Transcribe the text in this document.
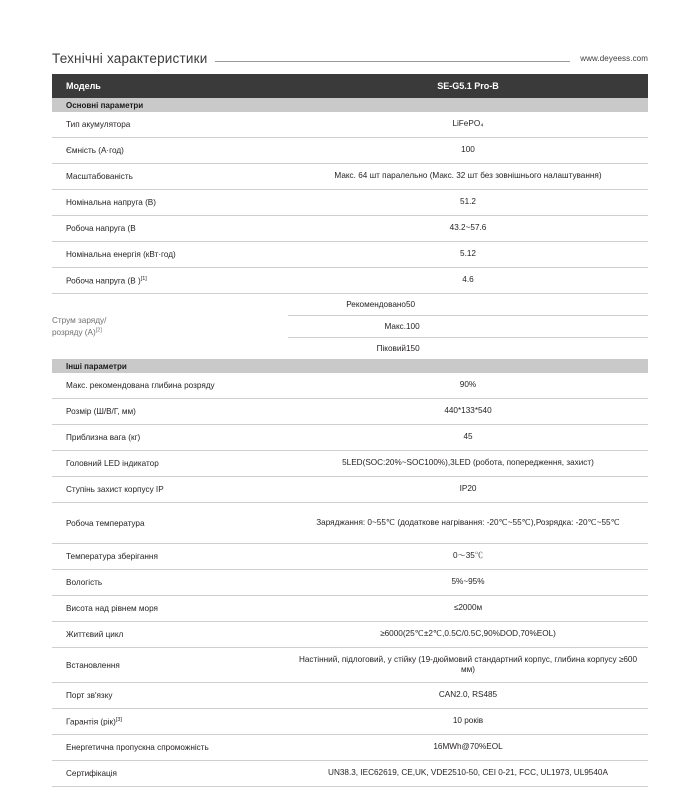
Технічні характеристики	www.deyeess.com
Модель	SE-G5.1 Pro-B	
Основні параметри		
Тип акумулятора	LiFePO₄	
Ємність (А·год)	100	
Масштабованість	Макс. 64 шт паралельно (Макс. 32 шт без зовнішнього налаштування)	
Номінальна напруга (В)	51.2	
Робоча напруга (В	43.2~57.6	
Номінальна енергія (кВт·год)	5.12	
Робоча напруга (В )[1]	4.6	
Струм заряду/
розряду (A)[2]	Рекомендовано	50
	Макс.	100
	Піковий	150
Інші параметри		
Макс. рекомендована глибина розряду	90%	
Розмір (Ш/В/Г, мм)	440*133*540	
Приблизна вага (кг)	45	
Головний LED індикатор	5LED(SOC:20%~SOC100%),3LED (робота, попередження, захист)	
Ступінь захист корпусу IP	IP20	
Робоча температура	Заряджання: 0~55℃ (додаткове нагрівання: -20℃~55℃),Розрядка: -20℃~55℃	
Температура зберігання	0～35℃	
Вологість	5%~95%	
Висота над рівнем моря	≤2000м	
Життєвий цикл	≥6000(25℃±2℃,0.5C/0.5C,90%DOD,70%EOL)	
Встановлення	Настінний, підлоговий, у стійку (19-дюймовий стандартний корпус, глибина корпусу ≥600 мм)	
Порт зв'язку	CAN2.0, RS485	
Гарантія (рік)[3]	10 років	
Енергетична пропускна спроможність	16MWh@70%EOL	
Сертифікація	UN38.3, IEC62619, CE,UK, VDE2510-50, CEI 0-21, FCC, UL1973, UL9540A	
